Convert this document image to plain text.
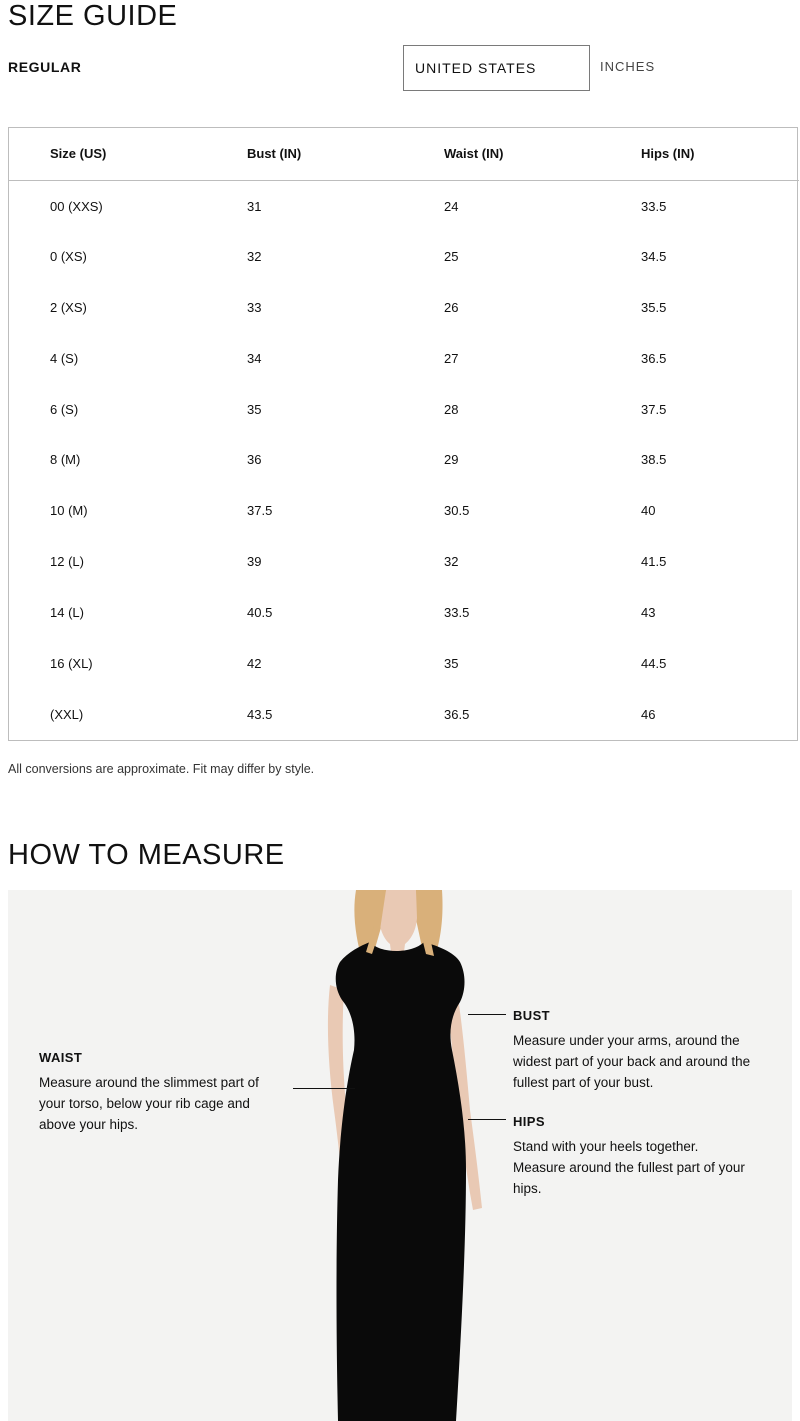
SIZE GUIDE
REGULAR	UNITED STATES	INCHES
Size (US)	Bust (IN)	Waist (IN)	Hips (IN)
00 (XXS)	31	24	33.5
0 (XS)	32	25	34.5
2 (XS)	33	26	35.5
4 (S)	34	27	36.5
6 (S)	35	28	37.5
8 (M)	36	29	38.5
10 (M)	37.5	30.5	40
12 (L)	39	32	41.5
14 (L)	40.5	33.5	43
16 (XL)	42	35	44.5
(XXL)	43.5	36.5	46
All conversions are approximate. Fit may differ by style.
HOW TO MEASURE
WAIST
Measure around the slimmest part of your torso, below your rib cage and above your hips.
BUST
Measure under your arms, around the widest part of your back and around the fullest part of your bust.
HIPS
Stand with your heels together. Measure around the fullest part of your hips.
